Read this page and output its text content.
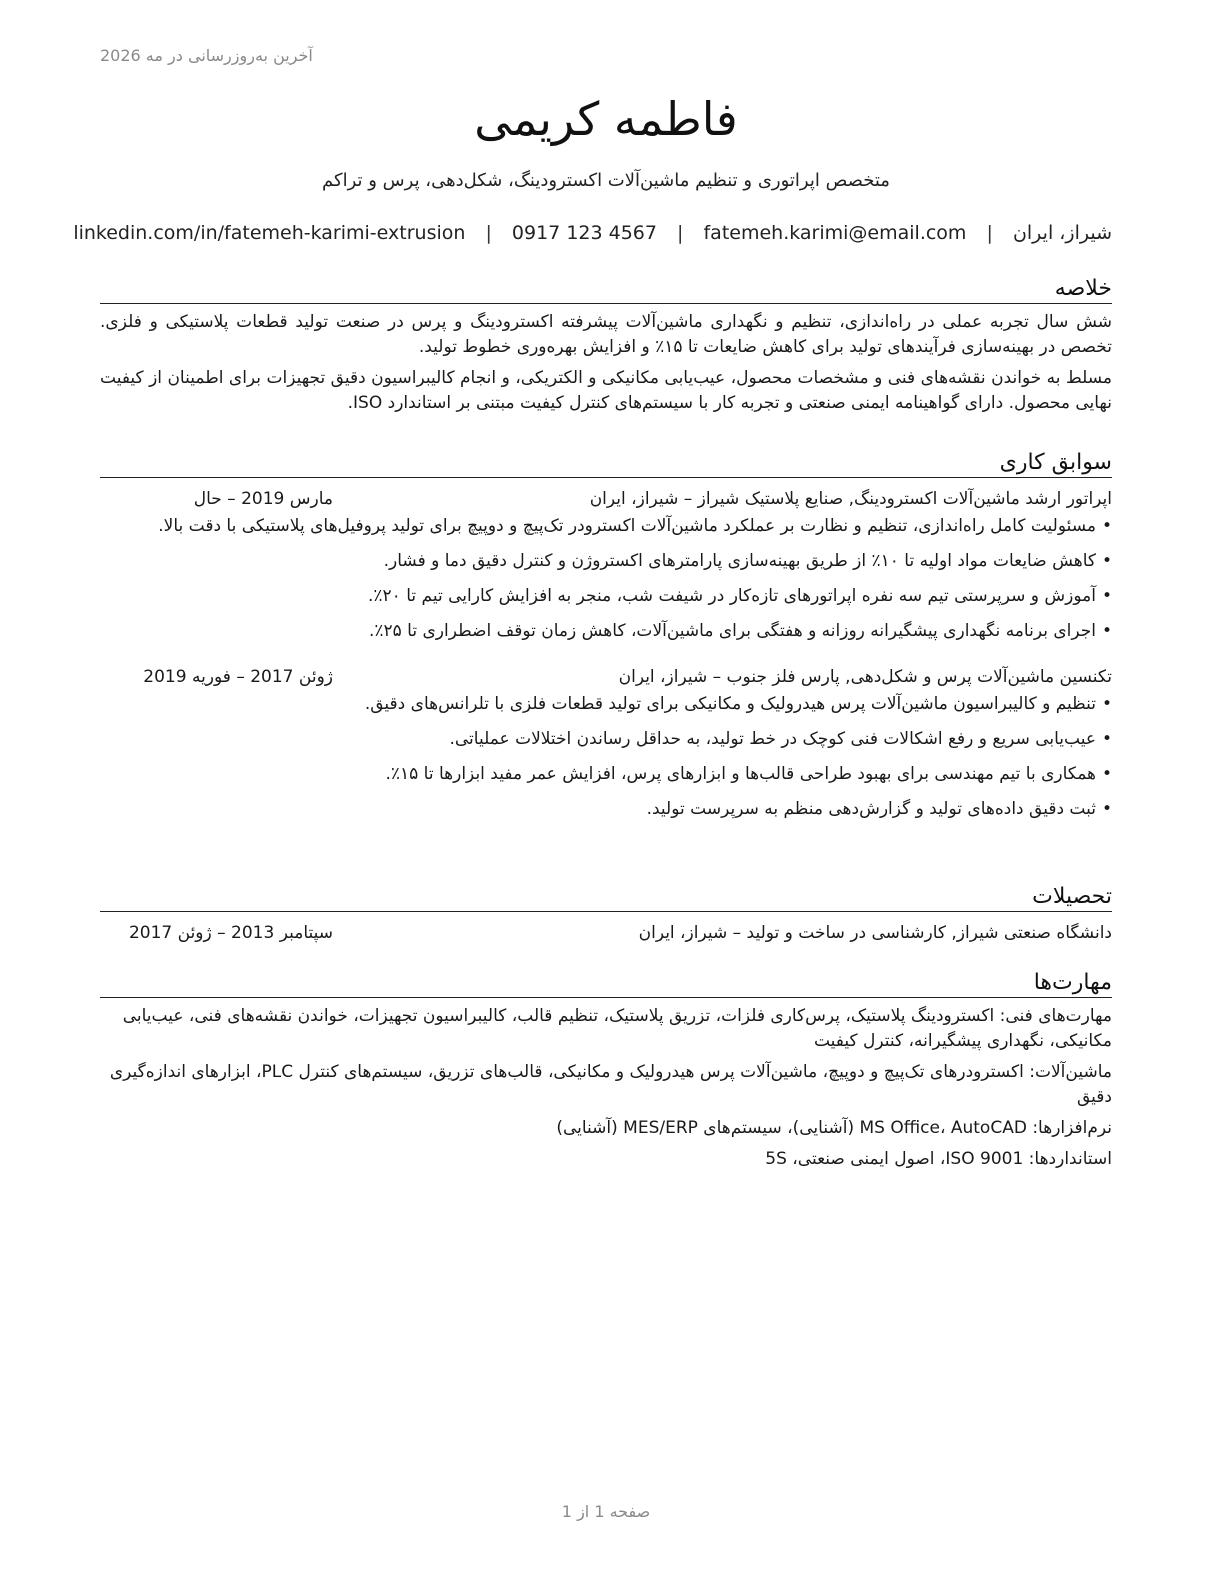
آخرین به‌روزرسانی در مه 2026
فاطمه کریمی
متخصص اپراتوری و تنظیم ماشین‌آلات اکسترودینگ، شکل‌دهی، پرس و تراکم
شیراز، ایران | fatemeh.karimi@email.com | 0917 123 4567 | linkedin.com/in/fatemeh-karimi-extrusion
خلاصه

شش سال تجربه عملی در راه‌اندازی، تنظیم و نگهداری ماشین‌آلات پیشرفته اکسترودینگ و پرس در صنعت تولید قطعات پلاستیکی و فلزی. تخصص در بهینه‌سازی فرآیندهای تولید برای کاهش ضایعات تا ۱۵٪ و افزایش بهره‌وری خطوط تولید.

مسلط به خواندن نقشه‌های فنی و مشخصات محصول، عیب‌یابی مکانیکی و الکتریکی، و انجام کالیبراسیون دقیق تجهیزات برای اطمینان از کیفیت نهایی محصول. دارای گواهینامه ایمنی صنعتی و تجربه کار با سیستم‌های کنترل کیفیت مبتنی بر استاندارد ISO.

سوابق کاری
اپراتور ارشد ماشین‌آلات اکسترودینگ, صنایع پلاستیک شیراز – شیراز، ایران
مارس 2019 – حال
• مسئولیت کامل راه‌اندازی، تنظیم و نظارت بر عملکرد ماشین‌آلات اکسترودر تک‌پیچ و دوپیچ برای تولید پروفیل‌های پلاستیکی با دقت بالا.
• کاهش ضایعات مواد اولیه تا ۱۰٪ از طریق بهینه‌سازی پارامترهای اکستروژن و کنترل دقیق دما و فشار.
• آموزش و سرپرستی تیم سه نفره اپراتورهای تازه‌کار در شیفت شب، منجر به افزایش کارایی تیم تا ۲۰٪.
• اجرای برنامه نگهداری پیشگیرانه روزانه و هفتگی برای ماشین‌آلات، کاهش زمان توقف اضطراری تا ۲۵٪.
تکنسین ماشین‌آلات پرس و شکل‌دهی, پارس فلز جنوب – شیراز، ایران
ژوئن 2017 – فوریه 2019
• تنظیم و کالیبراسیون ماشین‌آلات پرس هیدرولیک و مکانیکی برای تولید قطعات فلزی با تلرانس‌های دقیق.
• عیب‌یابی سریع و رفع اشکالات فنی کوچک در خط تولید، به حداقل رساندن اختلالات عملیاتی.
• همکاری با تیم مهندسی برای بهبود طراحی قالب‌ها و ابزارهای پرس، افزایش عمر مفید ابزارها تا ۱۵٪.
• ثبت دقیق داده‌های تولید و گزارش‌دهی منظم به سرپرست تولید.
تحصیلات
دانشگاه صنعتی شیراز, کارشناسی در ساخت و تولید – شیراز، ایران
سپتامبر 2013 – ژوئن 2017
مهارت‌ها

مهارت‌های فنی: اکسترودینگ پلاستیک، پرس‌کاری فلزات، تزریق پلاستیک، تنظیم قالب، کالیبراسیون تجهیزات، خواندن نقشه‌های فنی، عیب‌یابی مکانیکی، نگهداری پیشگیرانه، کنترل کیفیت

ماشین‌آلات: اکسترودرهای تک‌پیچ و دوپیچ، ماشین‌آلات پرس هیدرولیک و مکانیکی، قالب‌های تزریق، سیستم‌های کنترل PLC، ابزارهای اندازه‌گیری دقیق

نرم‌افزارها: MS Office، AutoCAD (آشنایی)، سیستم‌های MES/ERP (آشنایی)

استانداردها: ISO 9001، اصول ایمنی صنعتی، 5S

صفحه 1 از 1
